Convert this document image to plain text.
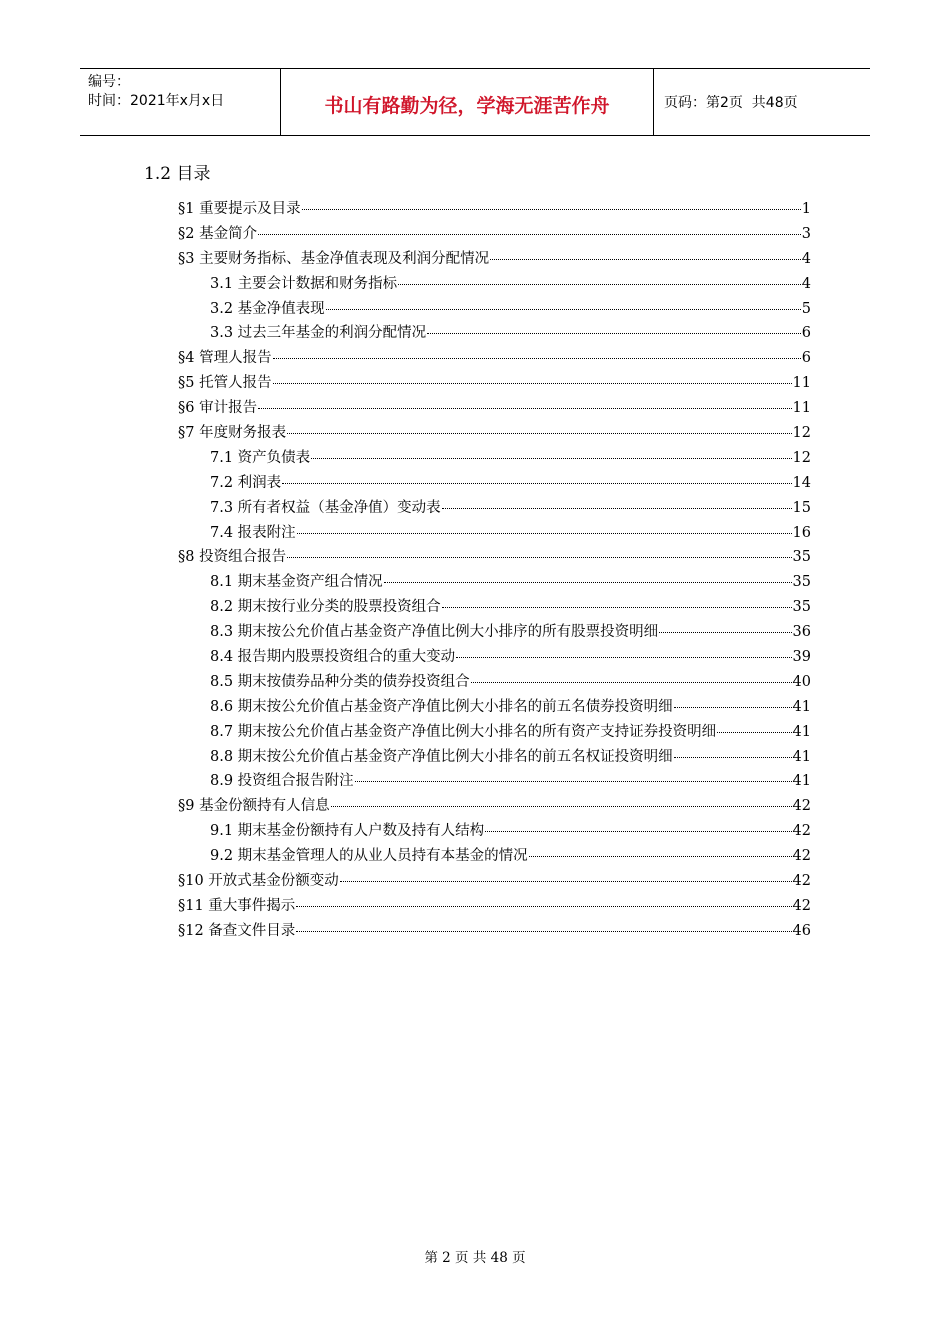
编号：
时间：2021年x月x日	书山有路勤为径，学海无涯苦作舟	页码：第2页  共48页
1.2 目录
§1 重要提示及目录	1
§2 基金简介	3
§3 主要财务指标、基金净值表现及利润分配情况	4
3.1 主要会计数据和财务指标	4
3.2 基金净值表现	5
3.3 过去三年基金的利润分配情况	6
§4 管理人报告	6
§5 托管人报告	11
§6 审计报告	11
§7 年度财务报表	12
7.1 资产负债表	12
7.2 利润表	14
7.3 所有者权益（基金净值）变动表	15
7.4 报表附注	16
§8 投资组合报告	35
8.1 期末基金资产组合情况	35
8.2 期末按行业分类的股票投资组合	35
8.3 期末按公允价值占基金资产净值比例大小排序的所有股票投资明细	36
8.4 报告期内股票投资组合的重大变动	39
8.5 期末按债券品种分类的债券投资组合	40
8.6 期末按公允价值占基金资产净值比例大小排名的前五名债券投资明细	41
8.7 期末按公允价值占基金资产净值比例大小排名的所有资产支持证券投资明细	41
8.8 期末按公允价值占基金资产净值比例大小排名的前五名权证投资明细	41
8.9 投资组合报告附注	41
§9 基金份额持有人信息	42
9.1 期末基金份额持有人户数及持有人结构	42
9.2 期末基金管理人的从业人员持有本基金的情况	42
§10 开放式基金份额变动	42
§11 重大事件揭示	42
§12 备查文件目录	46
第 2 页 共 48 页
